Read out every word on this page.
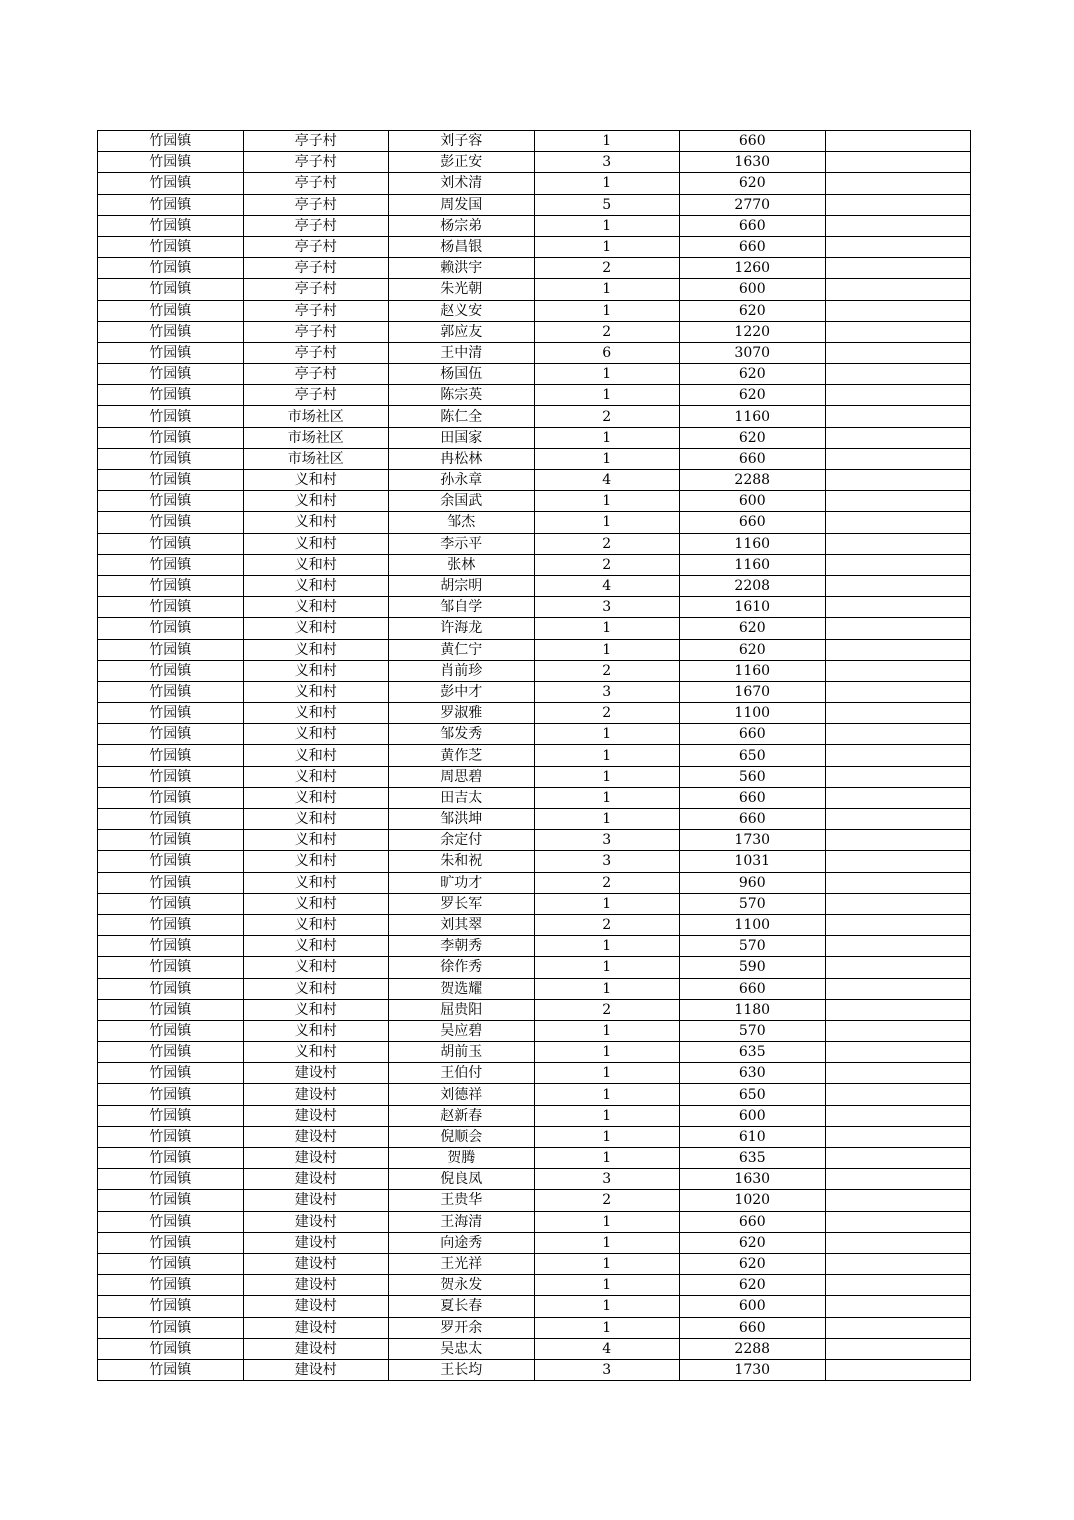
竹园镇	亭子村	刘子容	1	660	
竹园镇	亭子村	彭正安	3	1630	
竹园镇	亭子村	刘术清	1	620	
竹园镇	亭子村	周发国	5	2770	
竹园镇	亭子村	杨宗弟	1	660	
竹园镇	亭子村	杨昌银	1	660	
竹园镇	亭子村	赖洪宇	2	1260	
竹园镇	亭子村	朱光朝	1	600	
竹园镇	亭子村	赵义安	1	620	
竹园镇	亭子村	郭应友	2	1220	
竹园镇	亭子村	王中清	6	3070	
竹园镇	亭子村	杨国伍	1	620	
竹园镇	亭子村	陈宗英	1	620	
竹园镇	市场社区	陈仁全	2	1160	
竹园镇	市场社区	田国家	1	620	
竹园镇	市场社区	冉松林	1	660	
竹园镇	义和村	孙永章	4	2288	
竹园镇	义和村	余国武	1	600	
竹园镇	义和村	邹杰	1	660	
竹园镇	义和村	李示平	2	1160	
竹园镇	义和村	张林	2	1160	
竹园镇	义和村	胡宗明	4	2208	
竹园镇	义和村	邹自学	3	1610	
竹园镇	义和村	许海龙	1	620	
竹园镇	义和村	黄仁宁	1	620	
竹园镇	义和村	肖前珍	2	1160	
竹园镇	义和村	彭中才	3	1670	
竹园镇	义和村	罗淑雅	2	1100	
竹园镇	义和村	邹发秀	1	660	
竹园镇	义和村	黄作芝	1	650	
竹园镇	义和村	周思碧	1	560	
竹园镇	义和村	田吉太	1	660	
竹园镇	义和村	邹洪坤	1	660	
竹园镇	义和村	余定付	3	1730	
竹园镇	义和村	朱和祝	3	1031	
竹园镇	义和村	旷功才	2	960	
竹园镇	义和村	罗长军	1	570	
竹园镇	义和村	刘其翠	2	1100	
竹园镇	义和村	李朝秀	1	570	
竹园镇	义和村	徐作秀	1	590	
竹园镇	义和村	贺选耀	1	660	
竹园镇	义和村	屈贵阳	2	1180	
竹园镇	义和村	吴应碧	1	570	
竹园镇	义和村	胡前玉	1	635	
竹园镇	建设村	王伯付	1	630	
竹园镇	建设村	刘德祥	1	650	
竹园镇	建设村	赵新春	1	600	
竹园镇	建设村	倪顺会	1	610	
竹园镇	建设村	贺腾	1	635	
竹园镇	建设村	倪良凤	3	1630	
竹园镇	建设村	王贵华	2	1020	
竹园镇	建设村	王海清	1	660	
竹园镇	建设村	向途秀	1	620	
竹园镇	建设村	王光祥	1	620	
竹园镇	建设村	贺永发	1	620	
竹园镇	建设村	夏长春	1	600	
竹园镇	建设村	罗开余	1	660	
竹园镇	建设村	吴忠太	4	2288	
竹园镇	建设村	王长均	3	1730	
